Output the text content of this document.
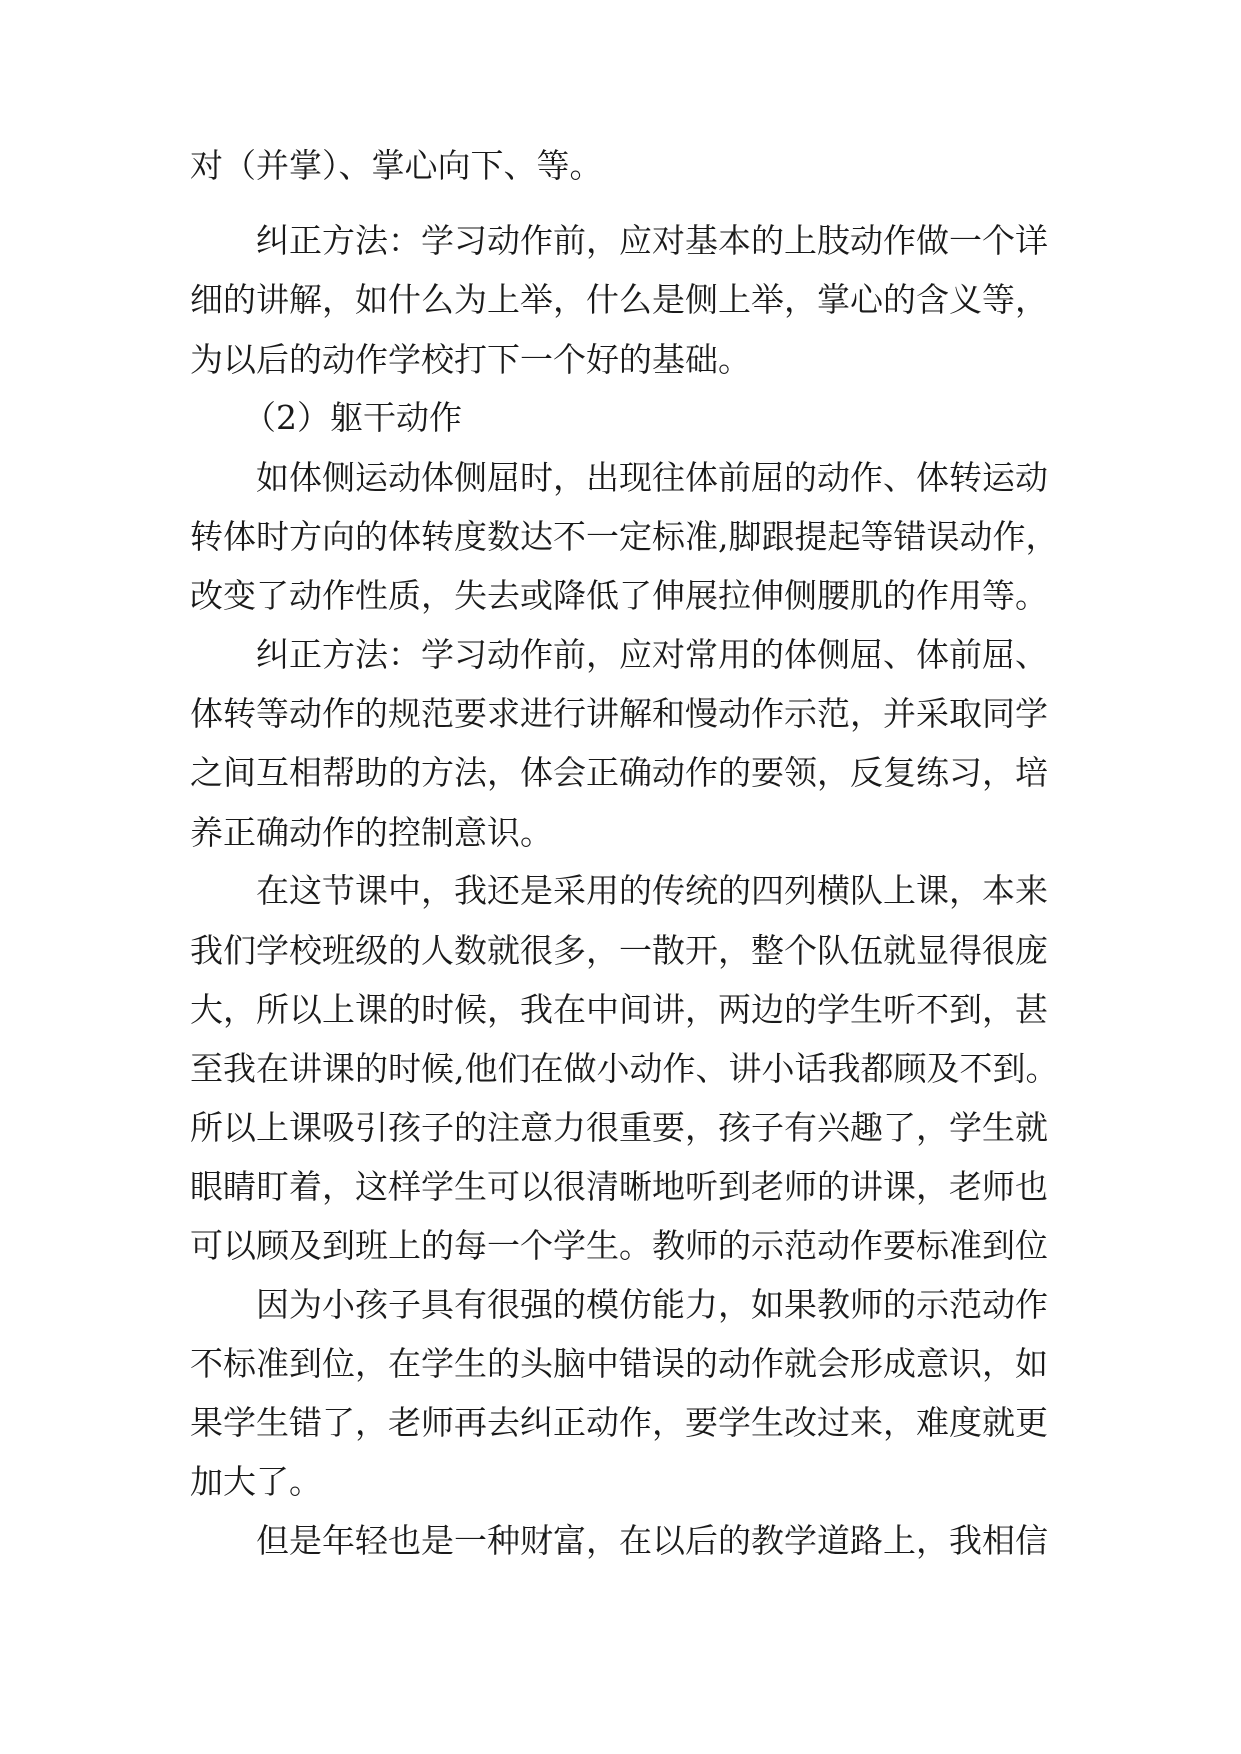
对（并掌）、掌心向下、等。
纠正方法：学习动作前，应对基本的上肢动作做一个详
细的讲解，如什么为上举，什么是侧上举，掌心的含义等，
为以后的动作学校打下一个好的基础。
（2）躯干动作
如体侧运动体侧屈时，出现往体前屈的动作、体转运动
转体时方向的体转度数达不一定标准,脚跟提起等错误动作，
改变了动作性质，失去或降低了伸展拉伸侧腰肌的作用等。
纠正方法：学习动作前，应对常用的体侧屈、体前屈、
体转等动作的规范要求进行讲解和慢动作示范，并采取同学
之间互相帮助的方法，体会正确动作的要领，反复练习，培
养正确动作的控制意识。
在这节课中，我还是采用的传统的四列横队上课，本来
我们学校班级的人数就很多，一散开，整个队伍就显得很庞
大，所以上课的时候，我在中间讲，两边的学生听不到，甚
至我在讲课的时候,他们在做小动作、讲小话我都顾及不到。
所以上课吸引孩子的注意力很重要，孩子有兴趣了，学生就
眼睛盯着，这样学生可以很清晰地听到老师的讲课，老师也
可以顾及到班上的每一个学生。教师的示范动作要标准到位
因为小孩子具有很强的模仿能力，如果教师的示范动作
不标准到位，在学生的头脑中错误的动作就会形成意识，如
果学生错了，老师再去纠正动作，要学生改过来，难度就更
加大了。
但是年轻也是一种财富，在以后的教学道路上，我相信
